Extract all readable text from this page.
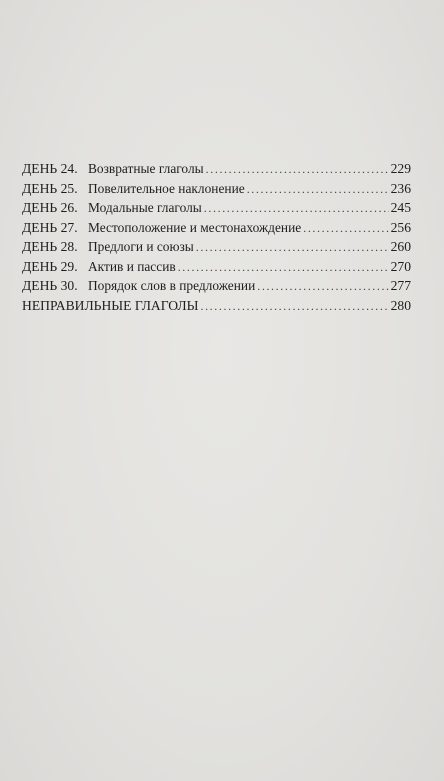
ДЕНЬ 24. Возвратные глаголы .....	229
ДЕНЬ 25. Повелительное наклонение .....	236
ДЕНЬ 26. Модальные глаголы .....	245
ДЕНЬ 27. Местоположение и местонахождение .....	256
ДЕНЬ 28. Предлоги и союзы .....	260
ДЕНЬ 29. Актив и пассив .....	270
ДЕНЬ 30. Порядок слов в предложении .....	277
НЕПРАВИЛЬНЫЕ ГЛАГОЛЫ .....	280
